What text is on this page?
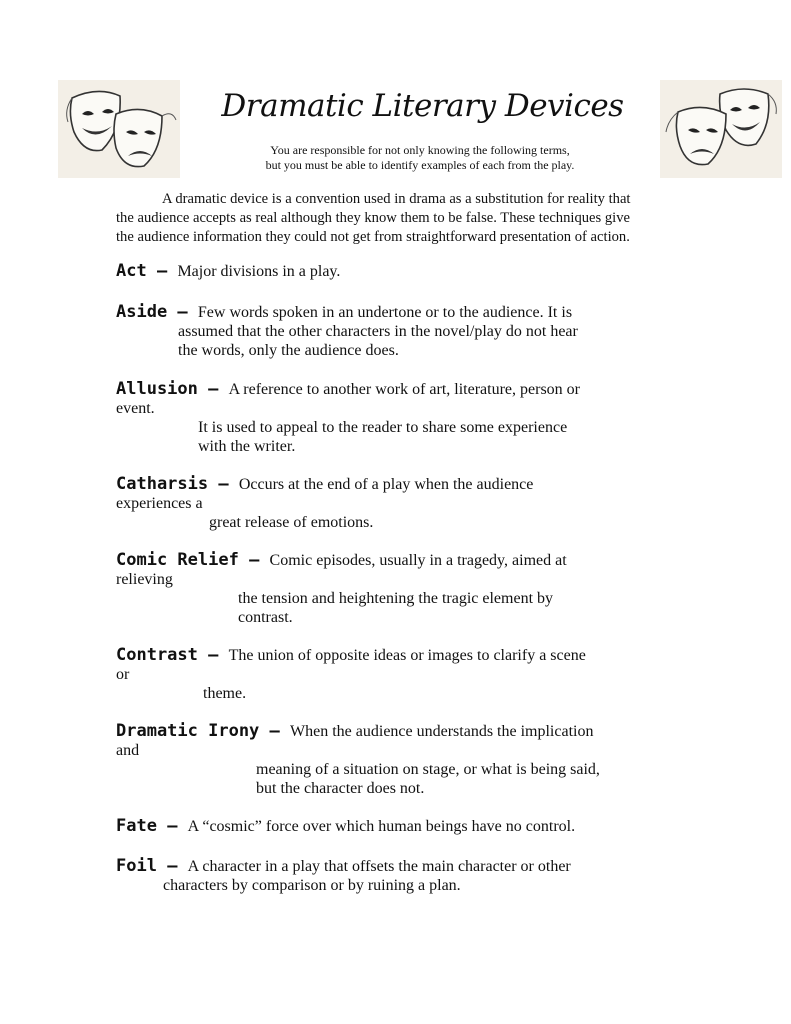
Dramatic Literary Devices
You are responsible for not only knowing the following terms,
but you must be able to identify examples of each from the play.

A dramatic device is a convention used in drama as a substitution for reality that

the audience accepts as real although they know them to be false. These techniques give
the audience information they could not get from straightforward presentation of action.
Act – Major divisions in a play.
Aside – Few words spoken in an undertone or to the audience. It is
assumed that the other characters in the novel/play do not hear
the words, only the audience does.
Allusion – A reference to another work of art, literature, person or
event.
It is used to appeal to the reader to share some experience
with the writer.
Catharsis – Occurs at the end of a play when the audience
experiences a
great release of emotions.
Comic Relief – Comic episodes, usually in a tragedy, aimed at
relieving
the tension and heightening the tragic element by
contrast.
Contrast – The union of opposite ideas or images to clarify a scene
or
theme.
Dramatic Irony – When the audience understands the implication
and
meaning of a situation on stage, or what is being said,
but the character does not.
Fate – A “cosmic” force over which human beings have no control.
Foil – A character in a play that offsets the main character or other
characters by comparison or by ruining a plan.
